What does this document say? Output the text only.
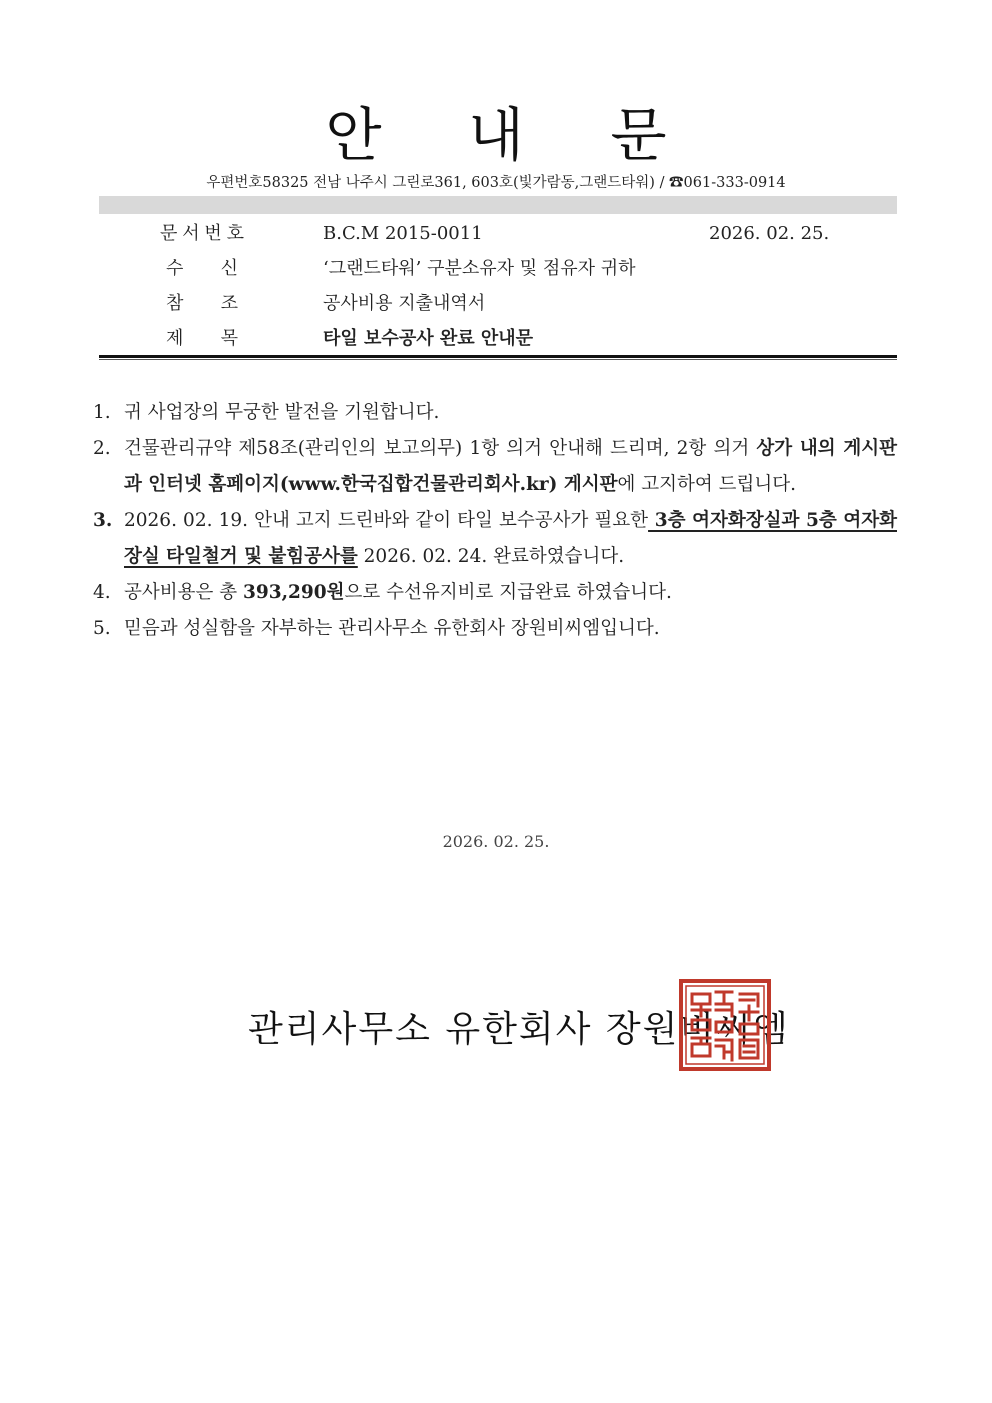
안 내 문
우편번호58325 전남 나주시 그린로361, 603호(빛가람동,그랜드타워) / ☎061-333-0914
문 서 번 호	B.C.M 2015-0011	2026. 02. 25.
수 신	‘그랜드타워’ 구분소유자 및 점유자 귀하
참 조	공사비용 지출내역서
제 목	타일 보수공사 완료 안내문
1. 귀 사업장의 무궁한 발전을 기원합니다.
2. 건물관리규약 제58조(관리인의 보고의무) 1항 의거 안내해 드리며, 2항 의거 상가 내의 게시판과 인터넷 홈페이지(www.한국집합건물관리회사.kr) 게시판에 고지하여 드립니다.
3. 2026. 02. 19. 안내 고지 드린바와 같이 타일 보수공사가 필요한 3층 여자화장실과 5층 여자화장실 타일철거 및 붙힘공사를 2026. 02. 24. 완료하였습니다.
4. 공사비용은 총 393,290원으로 수선유지비로 지급완료 하였습니다.
5. 믿음과 성실함을 자부하는 관리사무소 유한회사 장원비씨엠입니다.
2026. 02. 25.
관리사무소 유한회사 장원비씨엠
